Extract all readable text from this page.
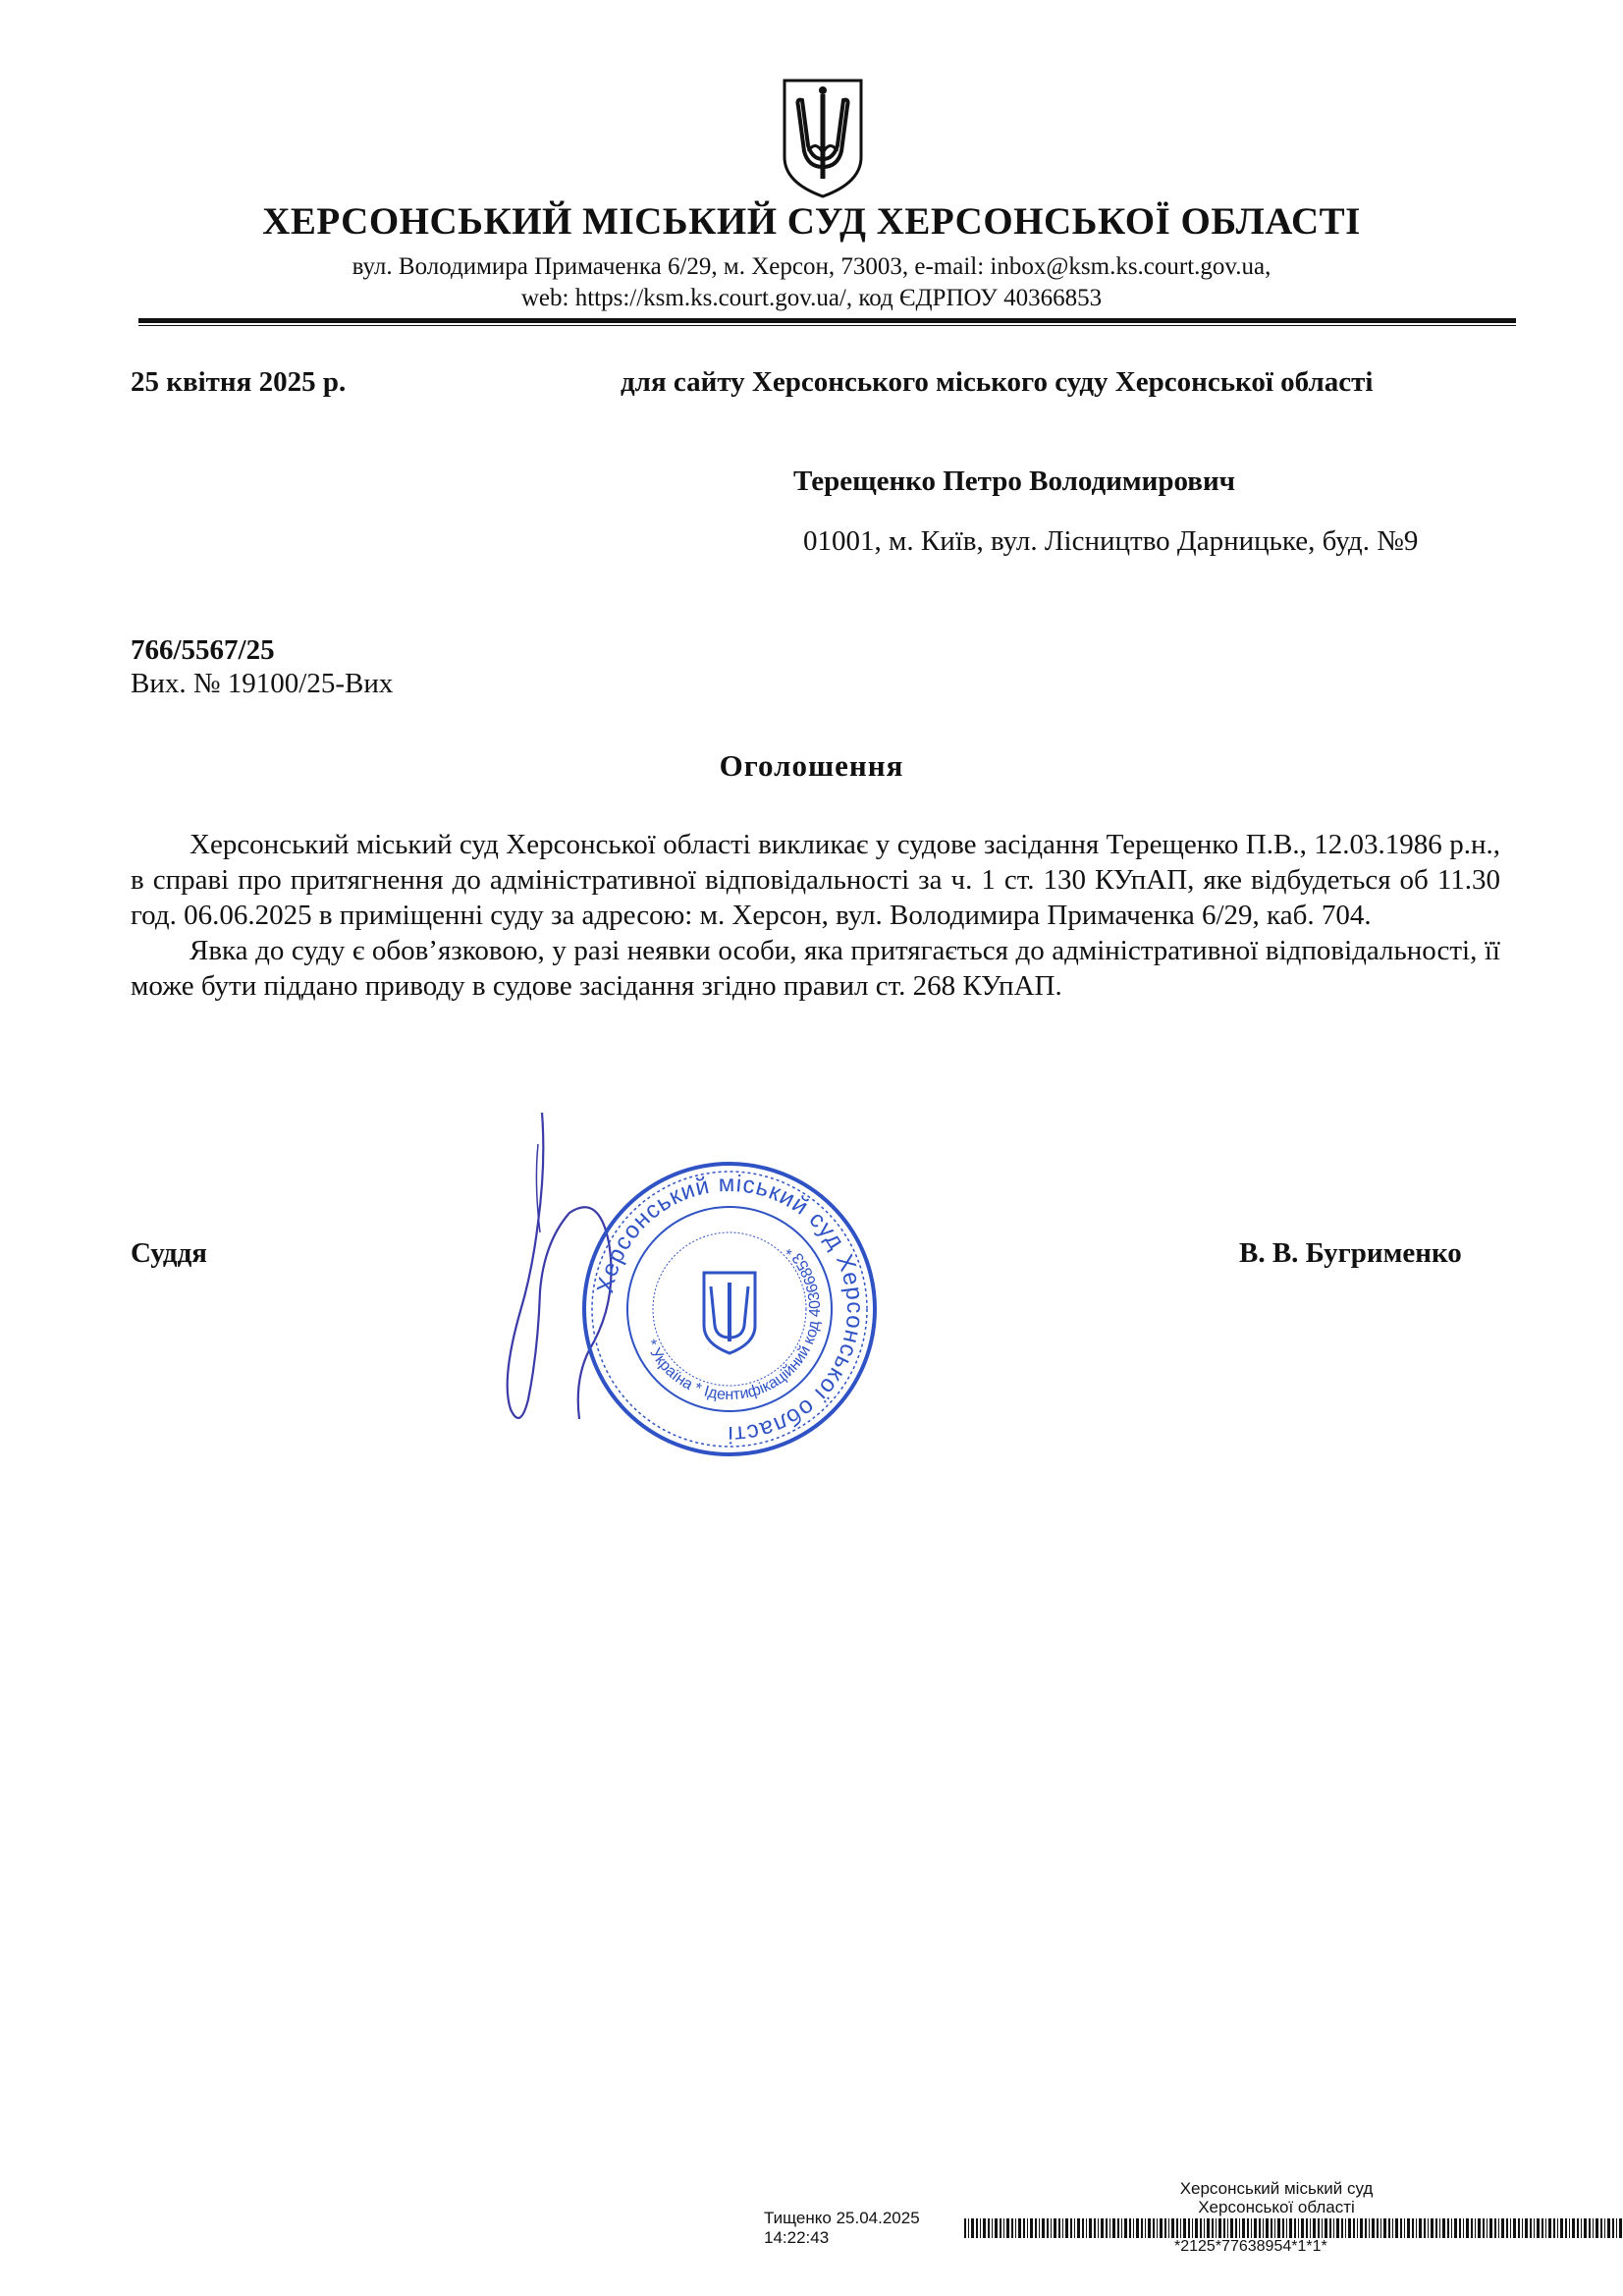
ХЕРСОНСЬКИЙ МІСЬКИЙ СУД ХЕРСОНСЬКОЇ ОБЛАСТІ
вул. Володимира Примаченка 6/29, м. Херсон, 73003, e-mail: inbox@ksm.ks.court.gov.ua,
web: https://ksm.ks.court.gov.ua/, код ЄДРПОУ 40366853
25 квітня 2025 р.	для сайту Херсонського міського суду Херсонської області
Терещенко Петро Володимирович
01001, м. Київ, вул. Лісництво Дарницьке, буд. №9
766/5567/25
Вих. № 19100/25-Вих
Оголошення

Херсонський міський суд Херсонської області викликає у судове засідання Терещенко П.В., 12.03.1986 р.н., в справі про притягнення до адміністративної відповідальності за ч. 1 ст. 130 КУпАП, яке відбудеться об 11.30 год. 06.06.2025 в приміщенні суду за адресою: м. Херсон, вул. Володимира Примаченка 6/29, каб. 704.

Явка до суду є обов’язковою, у разі неявки особи, яка притягається до адміністративної відповідальності, її може бути піддано приводу в судове засідання згідно правил ст. 268 КУпАП.

Херсонський міський суд Херсонської області
* Україна * Ідентифікаційний код 40366853 *
Суддя	В. В. Бугрименко
Херсонський міський суд
Херсонської області
Тищенко 25.04.2025 14:22:43	*2125*77638954*1*1*
